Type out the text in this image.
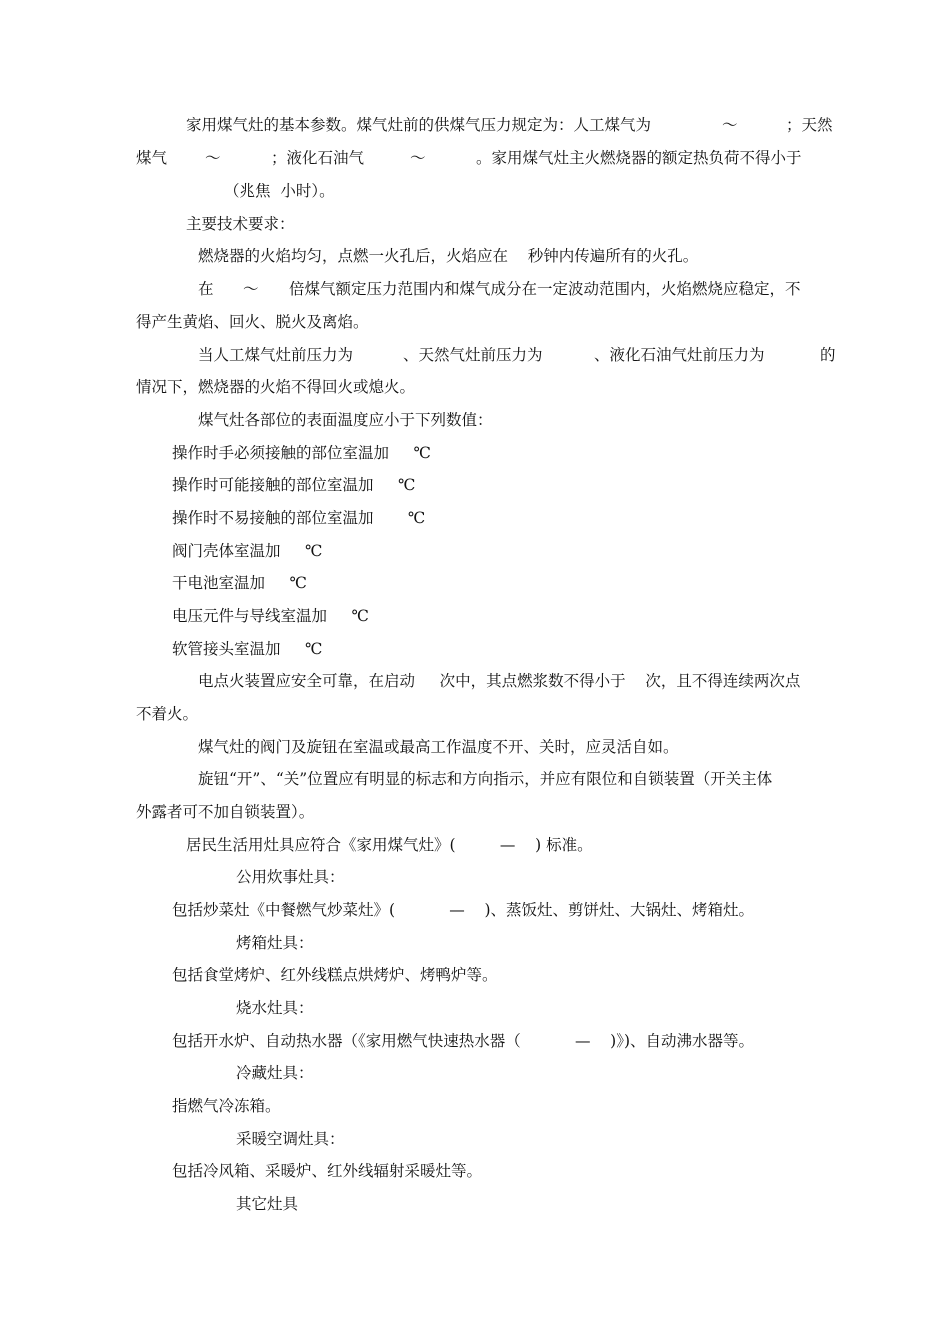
家用煤气灶的基本参数。煤气灶前的供煤气压力规定为：人工煤气为	～	；天然
煤气 ～	；液化石油气	～	。家用煤气灶主火燃烧器的额定热负荷不得小于
（兆焦  小时）。
主要技术要求：
燃烧器的火焰均匀，点燃一火孔后，火焰应在    秒钟内传遍所有的火孔。
在 ～ 倍煤气额定压力范围内和煤气成分在一定波动范围内，火焰燃烧应稳定，不
得产生黄焰、回火、脱火及离焰。
当人工煤气灶前压力为	、天然气灶前压力为	、液化石油气灶前压力为	的
情况下，燃烧器的火焰不得回火或熄火。
煤气灶各部位的表面温度应小于下列数值：
操作时手必须接触的部位室温加     ℃
操作时可能接触的部位室温加     ℃
操作时不易接触的部位室温加       ℃
阀门壳体室温加     ℃
干电池室温加     ℃
电压元件与导线室温加     ℃
软管接头室温加     ℃
电点火装置应安全可靠，在启动     次中，其点燃浆数不得小于    次，且不得连续两次点
不着火。
煤气灶的阀门及旋钮在室温或最高工作温度不开、关时，应灵活自如。
旋钮“开”、“关”位置应有明显的标志和方向指示，并应有限位和自锁装置（开关主体
外露者可不加自锁装置）。
居民生活用灶具应符合《家用煤气灶》(         —    ) 标准。
公用炊事灶具：
包括炒菜灶《中餐燃气炒菜灶》(           —    )、蒸饭灶、剪饼灶、大锅灶、烤箱灶。
烤箱灶具：
包括食堂烤炉、红外线糕点烘烤炉、烤鸭炉等。
烧水灶具：
包括开水炉、自动热水器（《家用燃气快速热水器（           —    )》)、自动沸水器等。
冷藏灶具：
指燃气冷冻箱。
采暖空调灶具：
包括冷风箱、采暖炉、红外线辐射采暖灶等。
其它灶具
